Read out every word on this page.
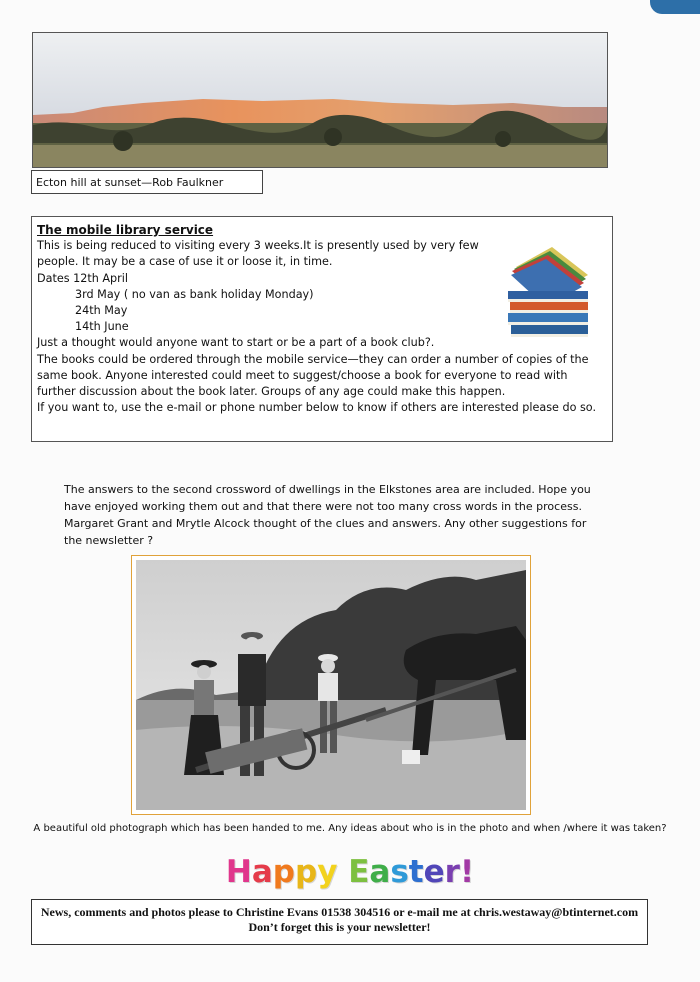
Ecton hill at sunset—Rob Faulkner
The mobile library service
This is being reduced to visiting every 3 weeks.It is presently used by very few
people. It may be a case of use it or loose it, in time.
Dates 12th April
3rd May ( no van as bank holiday Monday)
24th May
14th June
Just a thought would anyone want to start or be a part of a book club?.
The books could be ordered through the mobile service—they can order a number of copies of the same book. Anyone interested could meet to suggest/choose a book for everyone to read with further discussion about the book later. Groups of any age could make this happen.
If you want to, use the e-mail or phone number below to know if others are interested please do so.
The answers to the second crossword of dwellings in the Elkstones area are included. Hope you have enjoyed working them out and that there were not too many cross words in the process. Margaret Grant and Mrytle Alcock thought of the clues and answers. Any other suggestions for the newsletter ?
A beautiful old photograph which has been handed to me. Any ideas about who is in the photo and when /where it was taken?
Happy Easter!
News, comments and photos please to Christine Evans 01538 304516 or e-mail me at chris.westaway@btinternet.com
Don’t forget this is your newsletter!
